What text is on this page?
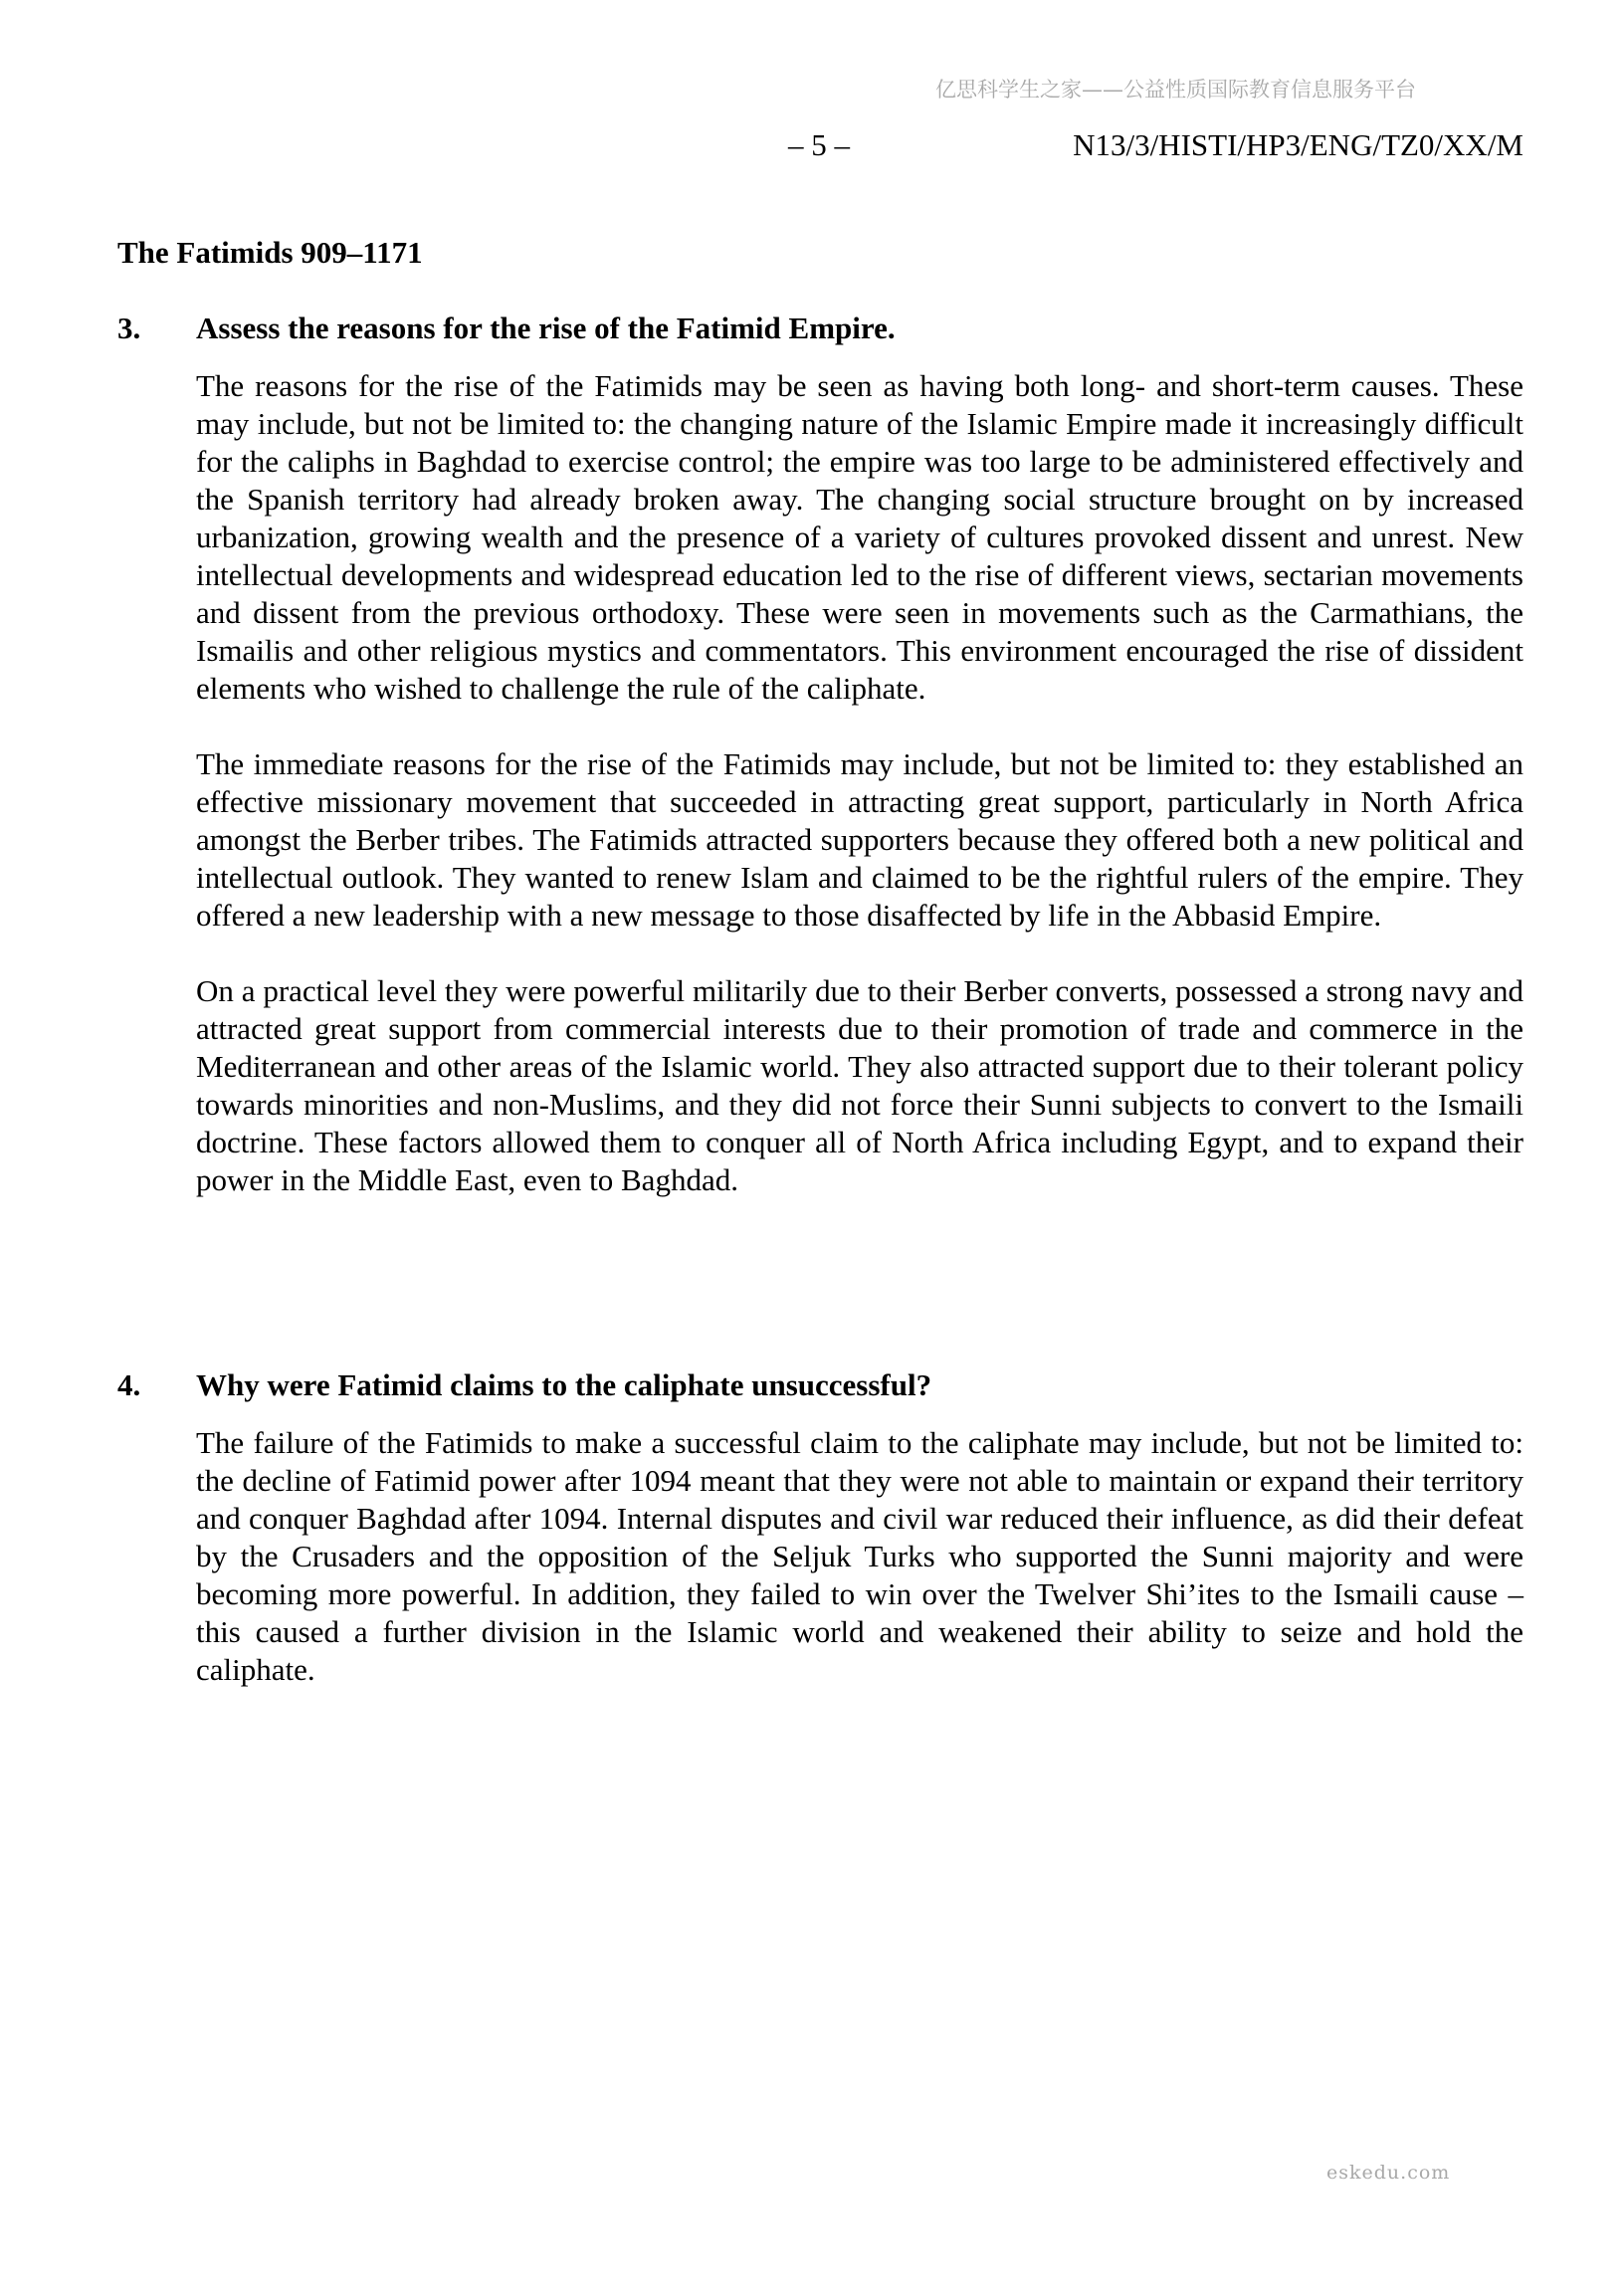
亿思科学生之家——公益性质国际教育信息服务平台
– 5 –	N13/3/HISTI/HP3/ENG/TZ0/XX/M
The Fatimids 909–1171
3.	Assess the reasons for the rise of the Fatimid Empire.

The reasons for the rise of the Fatimids may be seen as having both long- and short-term causes. These may include, but not be limited to: the changing nature of the Islamic Empire made it increasingly difficult for the caliphs in Baghdad to exercise control; the empire was too large to be administered effectively and the Spanish territory had already broken away. The changing social structure brought on by increased urbanization, growing wealth and the presence of a variety of cultures provoked dissent and unrest. New intellectual developments and widespread education led to the rise of different views, sectarian movements and dissent from the previous orthodoxy. These were seen in movements such as the Carmathians, the Ismailis and other religious mystics and commentators. This environment encouraged the rise of dissident elements who wished to challenge the rule of the caliphate.

The immediate reasons for the rise of the Fatimids may include, but not be limited to: they established an effective missionary movement that succeeded in attracting great support, particularly in North Africa amongst the Berber tribes. The Fatimids attracted supporters because they offered both a new political and intellectual outlook. They wanted to renew Islam and claimed to be the rightful rulers of the empire. They offered a new leadership with a new message to those disaffected by life in the Abbasid Empire.

On a practical level they were powerful militarily due to their Berber converts, possessed a strong navy and attracted great support from commercial interests due to their promotion of trade and commerce in the Mediterranean and other areas of the Islamic world. They also attracted support due to their tolerant policy towards minorities and non-Muslims, and they did not force their Sunni subjects to convert to the Ismaili doctrine. These factors allowed them to conquer all of North Africa including Egypt, and to expand their power in the Middle East, even to Baghdad.

4.	Why were Fatimid claims to the caliphate unsuccessful?

The failure of the Fatimids to make a successful claim to the caliphate may include, but not be limited to: the decline of Fatimid power after 1094 meant that they were not able to maintain or expand their territory and conquer Baghdad after 1094. Internal disputes and civil war reduced their influence, as did their defeat by the Crusaders and the opposition of the Seljuk Turks who supported the Sunni majority and were becoming more powerful. In addition, they failed to win over the Twelver Shi’ites to the Ismaili cause – this caused a further division in the Islamic world and weakened their ability to seize and hold the caliphate.

eskedu.com
